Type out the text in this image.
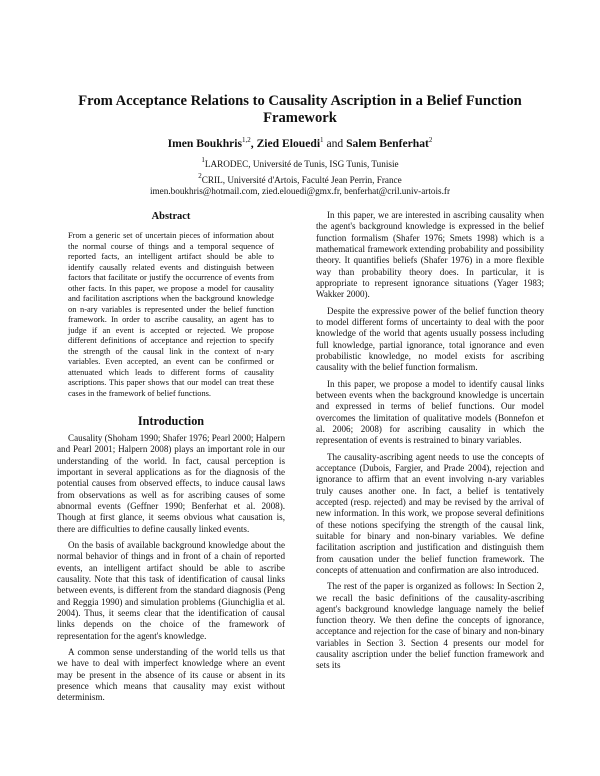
From Acceptance Relations to Causality Ascription in a Belief Function Framework
Imen Boukhris$^{1,2}$, Zied Elouedi$^1$ and Salem Benferhat$^2$
$^1$LARODEC, Université de Tunis, ISG Tunis, Tunisie
$^2$CRIL, Université d'Artois, Faculté Jean Perrin, France
imen.boukhris@hotmail.com, zied.elouedi@gmx.fr, benferhat@cril.univ-artois.fr
Abstract
From a generic set of uncertain pieces of information about the normal course of things and a temporal sequence of reported facts, an intelligent artifact should be able to identify causally related events and distinguish between factors that facilitate or justify the occurrence of events from other facts. In this paper, we propose a model for causality and facilitation ascriptions when the background knowledge on n-ary variables is represented under the belief function framework. In order to ascribe causality, an agent has to judge if an event is accepted or rejected. We propose different definitions of acceptance and rejection to specify the strength of the causal link in the context of n-ary variables. Even accepted, an event can be confirmed or attenuated which leads to different forms of causality ascriptions. This paper shows that our model can treat these cases in the framework of belief functions.
Introduction

Causality (Shoham 1990; Shafer 1976; Pearl 2000; Halpern and Pearl 2001; Halpern 2008) plays an important role in our understanding of the world. In fact, causal perception is important in several applications as for the diagnosis of the potential causes from observed effects, to induce causal laws from observations as well as for ascribing causes of some abnormal events (Geffner 1990; Benferhat et al. 2008). Though at first glance, it seems obvious what causation is, there are difficulties to define causally linked events.

On the basis of available background knowledge about the normal behavior of things and in front of a chain of reported events, an intelligent artifact should be able to ascribe causality. Note that this task of identification of causal links between events, is different from the standard diagnosis (Peng and Reggia 1990) and simulation problems (Giunchiglia et al. 2004). Thus, it seems clear that the identification of causal links depends on the choice of the framework of representation for the agent's knowledge.

A common sense understanding of the world tells us that we have to deal with imperfect knowledge where an event may be present in the absence of its cause or absent in its presence which means that causality may exist without determinism.

In this paper, we are interested in ascribing causality when the agent's background knowledge is expressed in the belief function formalism (Shafer 1976; Smets 1998) which is a mathematical framework extending probability and possibility theory. It quantifies beliefs (Shafer 1976) in a more flexible way than probability theory does. In particular, it is appropriate to represent ignorance situations (Yager 1983; Wakker 2000).

Despite the expressive power of the belief function theory to model different forms of uncertainty to deal with the poor knowledge of the world that agents usually possess including full knowledge, partial ignorance, total ignorance and even probabilistic knowledge, no model exists for ascribing causality with the belief function formalism.

In this paper, we propose a model to identify causal links between events when the background knowledge is uncertain and expressed in terms of belief functions. Our model overcomes the limitation of qualitative models (Bonnefon et al. 2006; 2008) for ascribing causality in which the representation of events is restrained to binary variables.

The causality-ascribing agent needs to use the concepts of acceptance (Dubois, Fargier, and Prade 2004), rejection and ignorance to affirm that an event involving n-ary variables truly causes another one. In fact, a belief is tentatively accepted (resp. rejected) and may be revised by the arrival of new information. In this work, we propose several definitions of these notions specifying the strength of the causal link, suitable for binary and non-binary variables. We define facilitation ascription and justification and distinguish them from causation under the belief function framework. The concepts of attenuation and confirmation are also introduced.

The rest of the paper is organized as follows: In Section 2, we recall the basic definitions of the causality-ascribing agent's background knowledge language namely the belief function theory. We then define the concepts of ignorance, acceptance and rejection for the case of binary and non-binary variables in Section 3. Section 4 presents our model for causality ascription under the belief function framework and sets its
